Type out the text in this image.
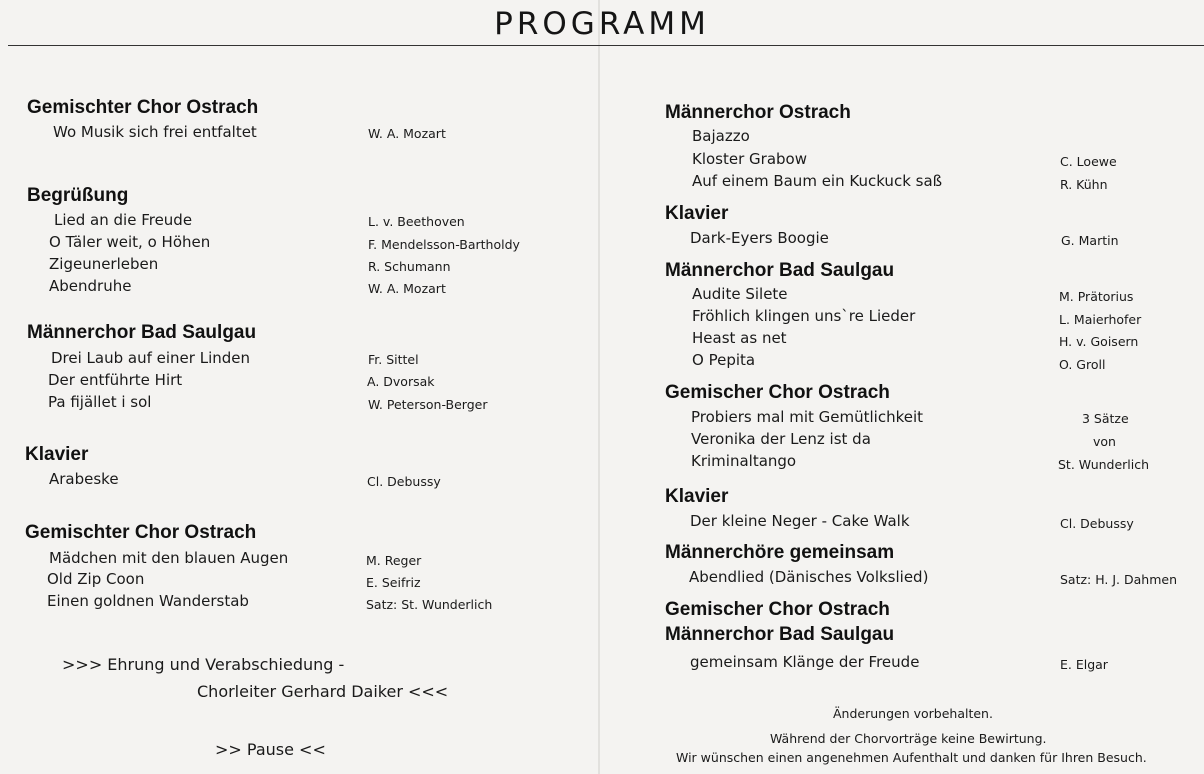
PROGRAMM
Gemischter Chor Ostrach
Wo Musik sich frei entfaltet	W. A. Mozart
Begrüßung
Lied an die Freude	L. v. Beethoven
O Täler weit, o Höhen	F. Mendelsson-Bartholdy
Zigeunerleben	R. Schumann
Abendruhe	W. A. Mozart
Männerchor Bad Saulgau
Drei Laub auf einer Linden	Fr. Sittel
Der entführte Hirt	A. Dvorsak
Pa fijället i sol	W. Peterson-Berger
Klavier
Arabeske	Cl. Debussy
Gemischter Chor Ostrach
Mädchen mit den blauen Augen	M. Reger
Old Zip Coon	E. Seifriz
Einen goldnen Wanderstab	Satz: St. Wunderlich
>>> Ehrung und Verabschiedung -
Chorleiter Gerhard Daiker <<<
>> Pause <<
Männerchor Ostrach
Bajazzo
Kloster Grabow	C. Loewe
Auf einem Baum ein Kuckuck saß	R. Kühn
Klavier
Dark-Eyers Boogie	G. Martin
Männerchor Bad Saulgau
Audite Silete	M. Prätorius
Fröhlich klingen uns`re Lieder	L. Maierhofer
Heast as net	H. v. Goisern
O Pepita	O. Groll
Gemischer Chor Ostrach
Probiers mal mit Gemütlichkeit	3 Sätze
Veronika der Lenz ist da	von
Kriminaltango	St. Wunderlich
Klavier
Der kleine Neger - Cake Walk	Cl. Debussy
Männerchöre gemeinsam
Abendlied (Dänisches Volkslied)	Satz: H. J. Dahmen
Gemischer Chor Ostrach
Männerchor Bad Saulgau
gemeinsam Klänge der Freude	E. Elgar
Änderungen vorbehalten.
Während der Chorvorträge keine Bewirtung.
Wir wünschen einen angenehmen Aufenthalt und danken für Ihren Besuch.
